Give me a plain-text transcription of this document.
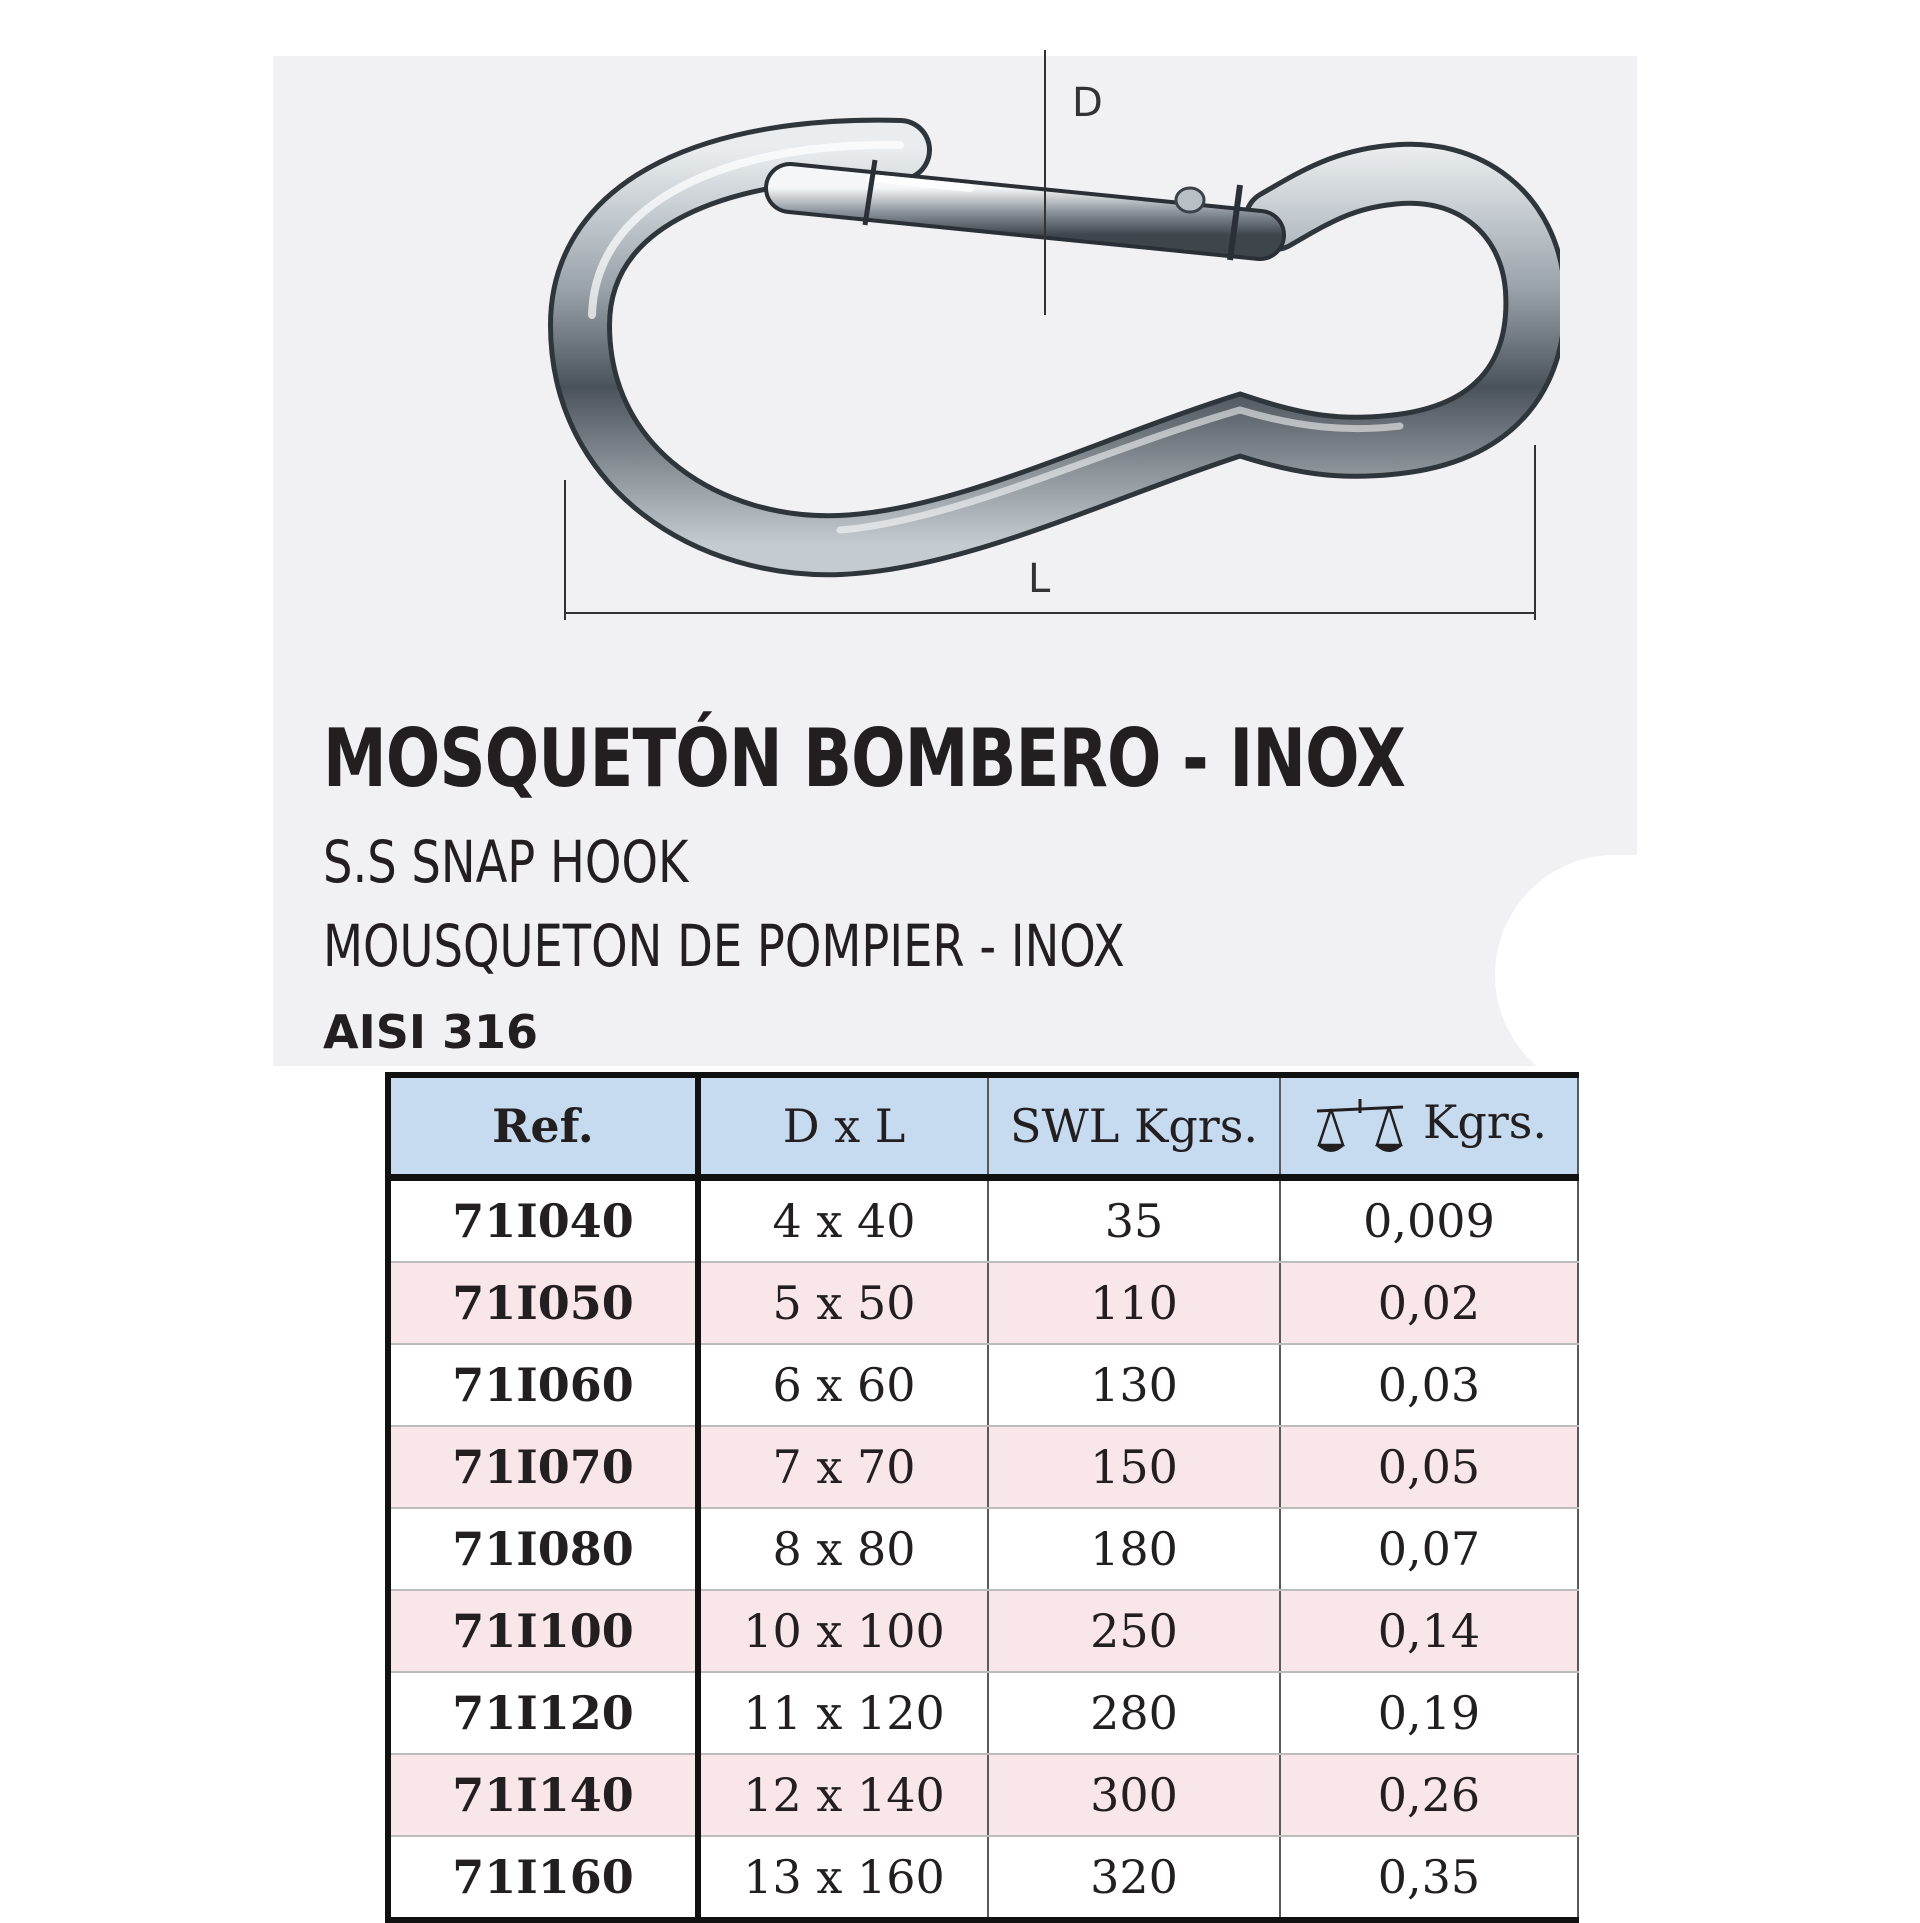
D
L
MOSQUETÓN BOMBERO - INOX

S.S SNAP HOOK

MOUSQUETON DE POMPIER - INOX

AISI 316

Ref.	D x L	SWL Kgrs.	Kgrs.
71I040	4 x 40	35	0,009
71I050	5 x 50	110	0,02
71I060	6 x 60	130	0,03
71I070	7 x 70	150	0,05
71I080	8 x 80	180	0,07
71I100	10 x 100	250	0,14
71I120	11 x 120	280	0,19
71I140	12 x 140	300	0,26
71I160	13 x 160	320	0,35
